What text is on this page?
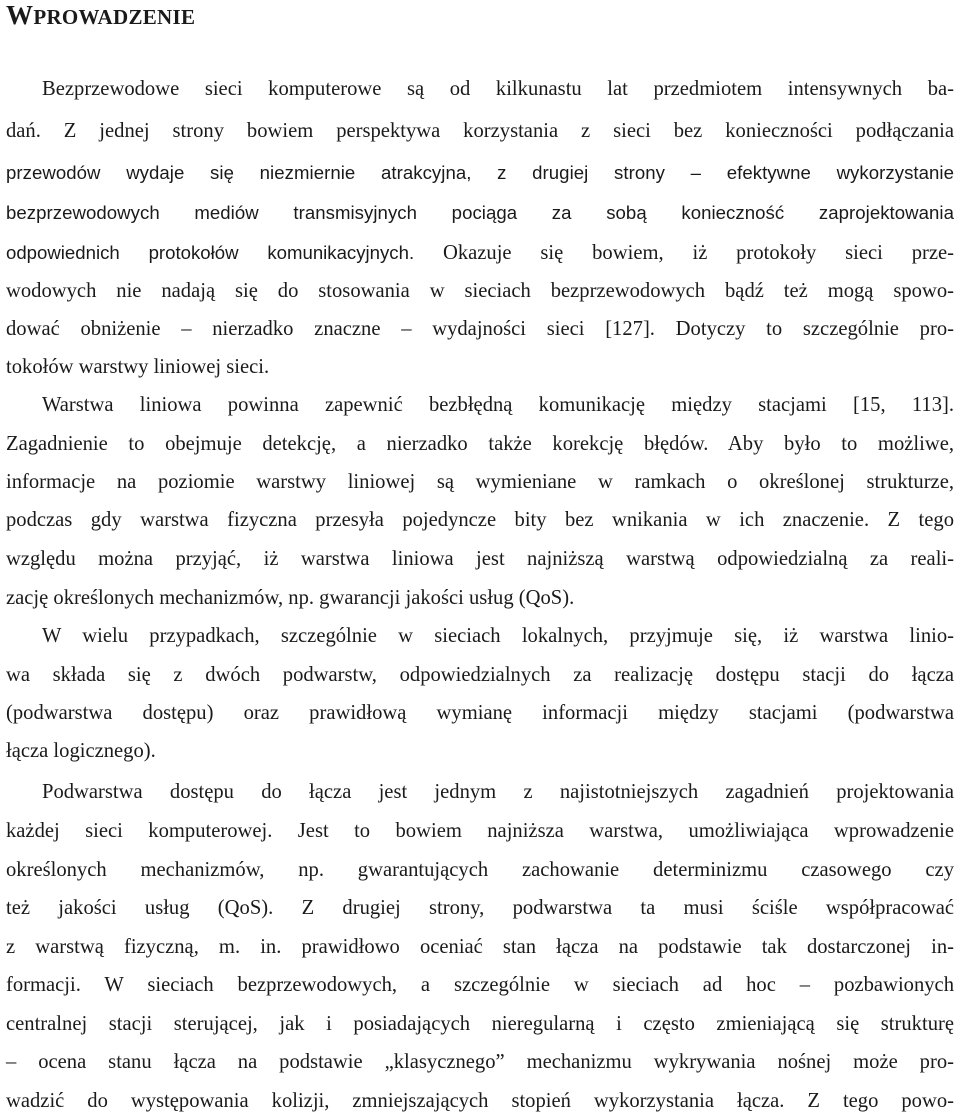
WPROWADZENIE
Bezprzewodowe sieci komputerowe są od kilkunastu lat przedmiotem intensywnych ba-
dań. Z jednej strony bowiem perspektywa korzystania z sieci bez konieczności podłączania
przewodów wydaje się niezmiernie atrakcyjna, z drugiej strony – efektywne wykorzystanie
bezprzewodowych mediów transmisyjnych pociąga za sobą konieczność zaprojektowania
odpowiednich protokołów komunikacyjnych. Okazuje się bowiem, iż protokoły sieci prze-
wodowych nie nadają się do stosowania w sieciach bezprzewodowych bądź też mogą spowo-
dować obniżenie – nierzadko znaczne – wydajności sieci [127]. Dotyczy to szczególnie pro-
tokołów warstwy liniowej sieci.
Warstwa liniowa powinna zapewnić bezbłędną komunikację między stacjami [15, 113].
Zagadnienie to obejmuje detekcję, a nierzadko także korekcję błędów. Aby było to możliwe,
informacje na poziomie warstwy liniowej są wymieniane w ramkach o określonej strukturze,
podczas gdy warstwa fizyczna przesyła pojedyncze bity bez wnikania w ich znaczenie. Z tego
względu można przyjąć, iż warstwa liniowa jest najniższą warstwą odpowiedzialną za reali-
zację określonych mechanizmów, np. gwarancji jakości usług (QoS).
W wielu przypadkach, szczególnie w sieciach lokalnych, przyjmuje się, iż warstwa linio-
wa składa się z dwóch podwarstw, odpowiedzialnych za realizację dostępu stacji do łącza
(podwarstwa dostępu) oraz prawidłową wymianę informacji między stacjami (podwarstwa
łącza logicznego).
Podwarstwa dostępu do łącza jest jednym z najistotniejszych zagadnień projektowania
każdej sieci komputerowej. Jest to bowiem najniższa warstwa, umożliwiająca wprowadzenie
określonych mechanizmów, np. gwarantujących zachowanie determinizmu czasowego czy
też jakości usług (QoS). Z drugiej strony, podwarstwa ta musi ściśle współpracować
z warstwą fizyczną, m. in. prawidłowo oceniać stan łącza na podstawie tak dostarczonej in-
formacji. W sieciach bezprzewodowych, a szczególnie w sieciach ad hoc – pozbawionych
centralnej stacji sterującej, jak i posiadających nieregularną i często zmieniającą się strukturę
– ocena stanu łącza na podstawie „klasycznego” mechanizmu wykrywania nośnej może pro-
wadzić do występowania kolizji, zmniejszających stopień wykorzystania łącza. Z tego powo-
